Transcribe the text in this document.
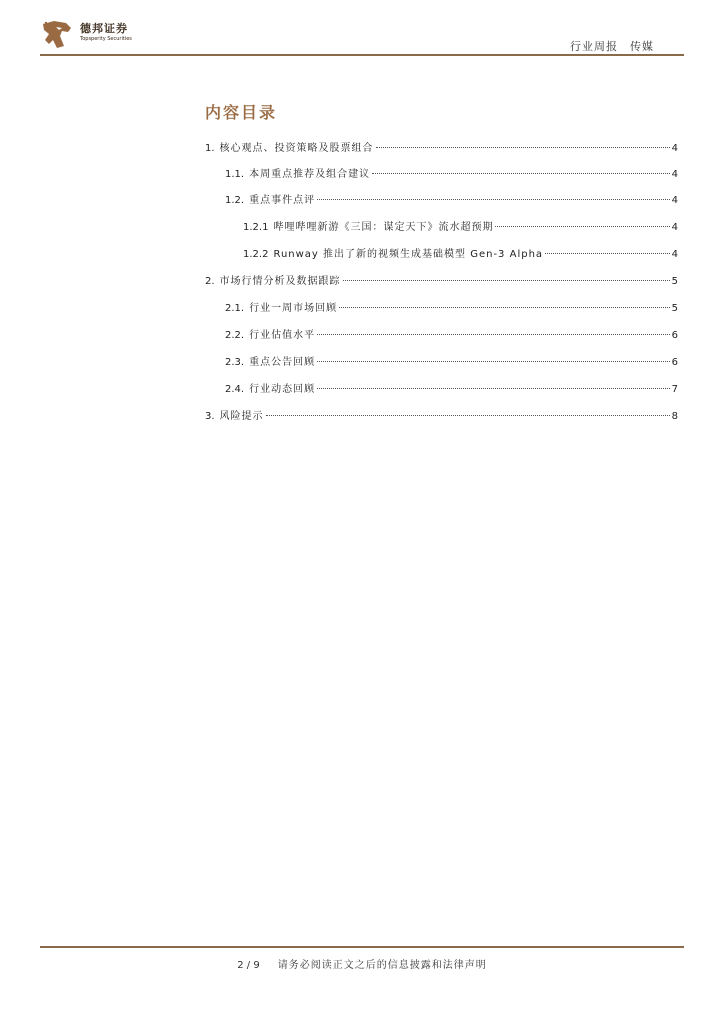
德邦证券
Topsperity Securities
行业周报 传媒
内容目录
1. 核心观点、投资策略及股票组合	4
1.1. 本周重点推荐及组合建议	4
1.2. 重点事件点评	4
1.2.1 哔哩哔哩新游《三国：谋定天下》流水超预期	4
1.2.2 Runway 推出了新的视频生成基础模型 Gen-3 Alpha	4
2. 市场行情分析及数据跟踪	5
2.1. 行业一周市场回顾	5
2.2. 行业估值水平	6
2.3. 重点公告回顾	6
2.4. 行业动态回顾	7
3. 风险提示	8
2 / 9 请务必阅读正文之后的信息披露和法律声明
